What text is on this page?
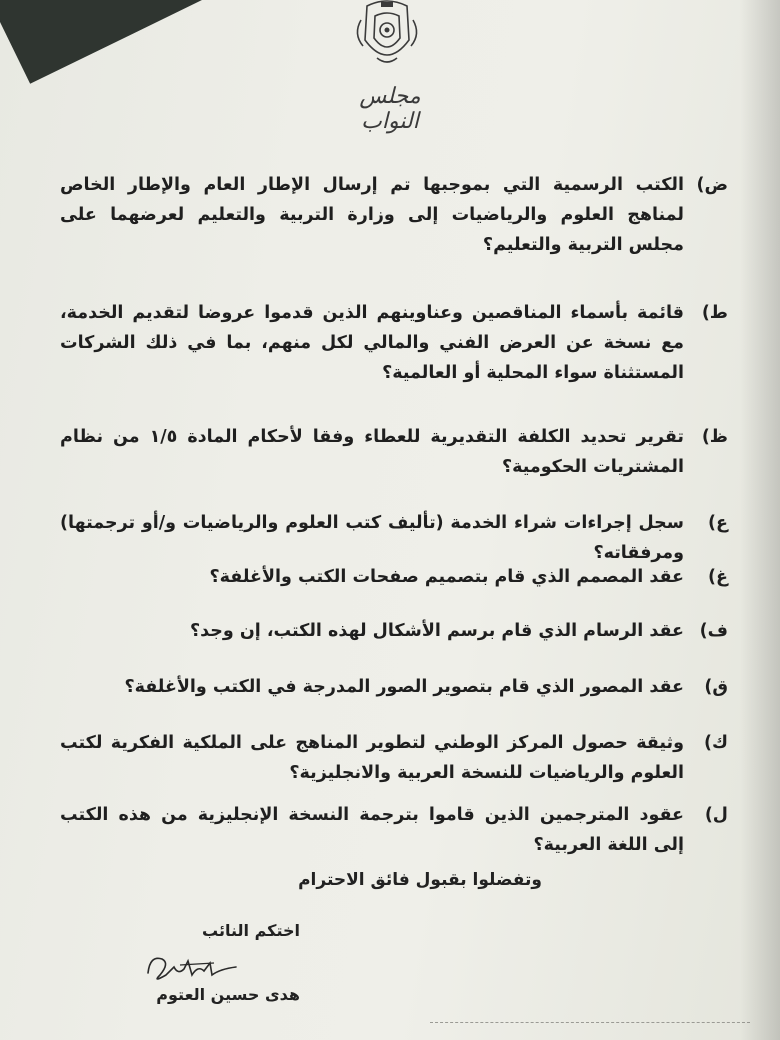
مجلس النواب
ض)
الكتب الرسمية التي بموجبها تم إرسال الإطار العام والإطار الخاص لمناهج العلوم والرياضيات إلى وزارة التربية والتعليم لعرضهما على مجلس التربية والتعليم؟
ط)
قائمة بأسماء المناقصين وعناوينهم الذين قدموا عروضا لتقديم الخدمة، مع نسخة عن العرض الفني والمالي لكل منهم، بما في ذلك الشركات المستثناة سواء المحلية أو العالمية؟
ظ)
تقرير تحديد الكلفة التقديرية للعطاء وفقا لأحكام المادة ١/٥ من نظام المشتريات الحكومية؟
ع)
سجل إجراءات شراء الخدمة (تأليف كتب العلوم والرياضيات و/أو ترجمتها) ومرفقاته؟
غ)
عقد المصمم الذي قام بتصميم صفحات الكتب والأغلفة؟
ف)
عقد الرسام الذي قام برسم الأشكال لهذه الكتب، إن وجد؟
ق)
عقد المصور الذي قام بتصوير الصور المدرجة في الكتب والأغلفة؟
ك)
وثيقة حصول المركز الوطني لتطوير المناهج على الملكية الفكرية لكتب العلوم والرياضيات للنسخة العربية والانجليزية؟
ل)
عقود المترجمين الذين قاموا بترجمة النسخة الإنجليزية من هذه الكتب إلى اللغة العربية؟
وتفضلوا بقبول فائق الاحترام
اختكم النائب
هدى حسين العتوم
